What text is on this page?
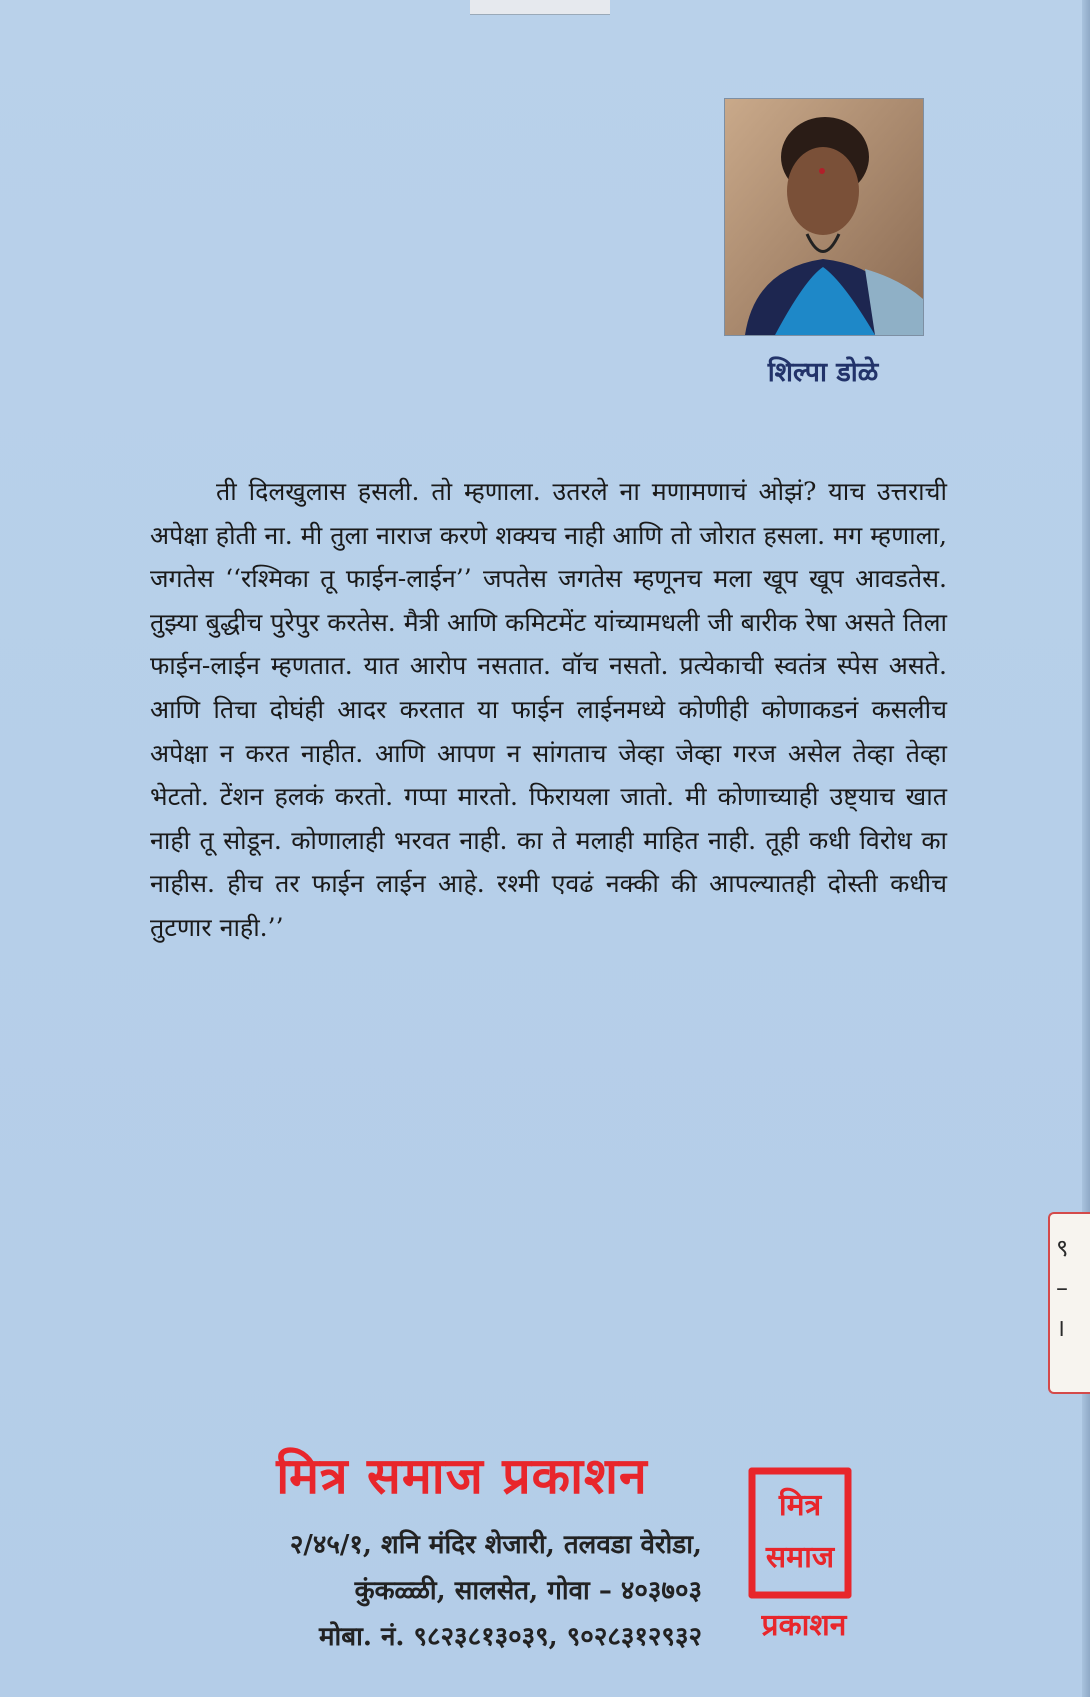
शिल्पा डोळे

ती दिलखुलास हसली. तो म्हणाला. उतरले ना मणामणाचं ओझं? याच उत्तराची अपेक्षा होती ना. मी तुला नाराज करणे शक्यच नाही आणि तो जोरात हसला. मग म्हणाला, जगतेस ‘‘रश्मिका तू फाईन-लाईन’’ जपतेस जगतेस म्हणूनच मला खूप खूप आवडतेस. तुझ्या बुद्धीच पुरेपुर करतेस. मैत्री आणि कमिटमेंट यांच्यामधली जी बारीक रेषा असते तिला फाईन-लाईन म्हणतात. यात आरोप नसतात. वॉच नसतो. प्रत्येकाची स्वतंत्र स्पेस असते. आणि तिचा दोघंही आदर करतात या फाईन लाईनमध्ये कोणीही कोणाकडनं कसलीच अपेक्षा न करत नाहीत. आणि आपण न सांगताच जेव्हा जेव्हा गरज असेल तेव्हा तेव्हा भेटतो. टेंशन हलकं करतो. गप्पा मारतो. फिरायला जातो. मी कोणाच्याही उष्ट्याच खात नाही तू सोडून. कोणालाही भरवत नाही. का ते मलाही माहित नाही. तूही कधी विरोध का नाहीस. हीच तर फाईन लाईन आहे. रश्मी एवढं नक्की की आपल्यातही दोस्ती कधीच तुटणार नाही.’’

९
–
।
मित्र समाज प्रकाशन
२/४५/१, शनि मंदिर शेजारी, तलवडा वेरोडा,
कुंकळ्ळी, सालसेत, गोवा – ४०३७०३
मोबा. नं. ९८२३८१३०३९, ९०२८३१२९३२
मित्र
समाज
प्रकाशन
